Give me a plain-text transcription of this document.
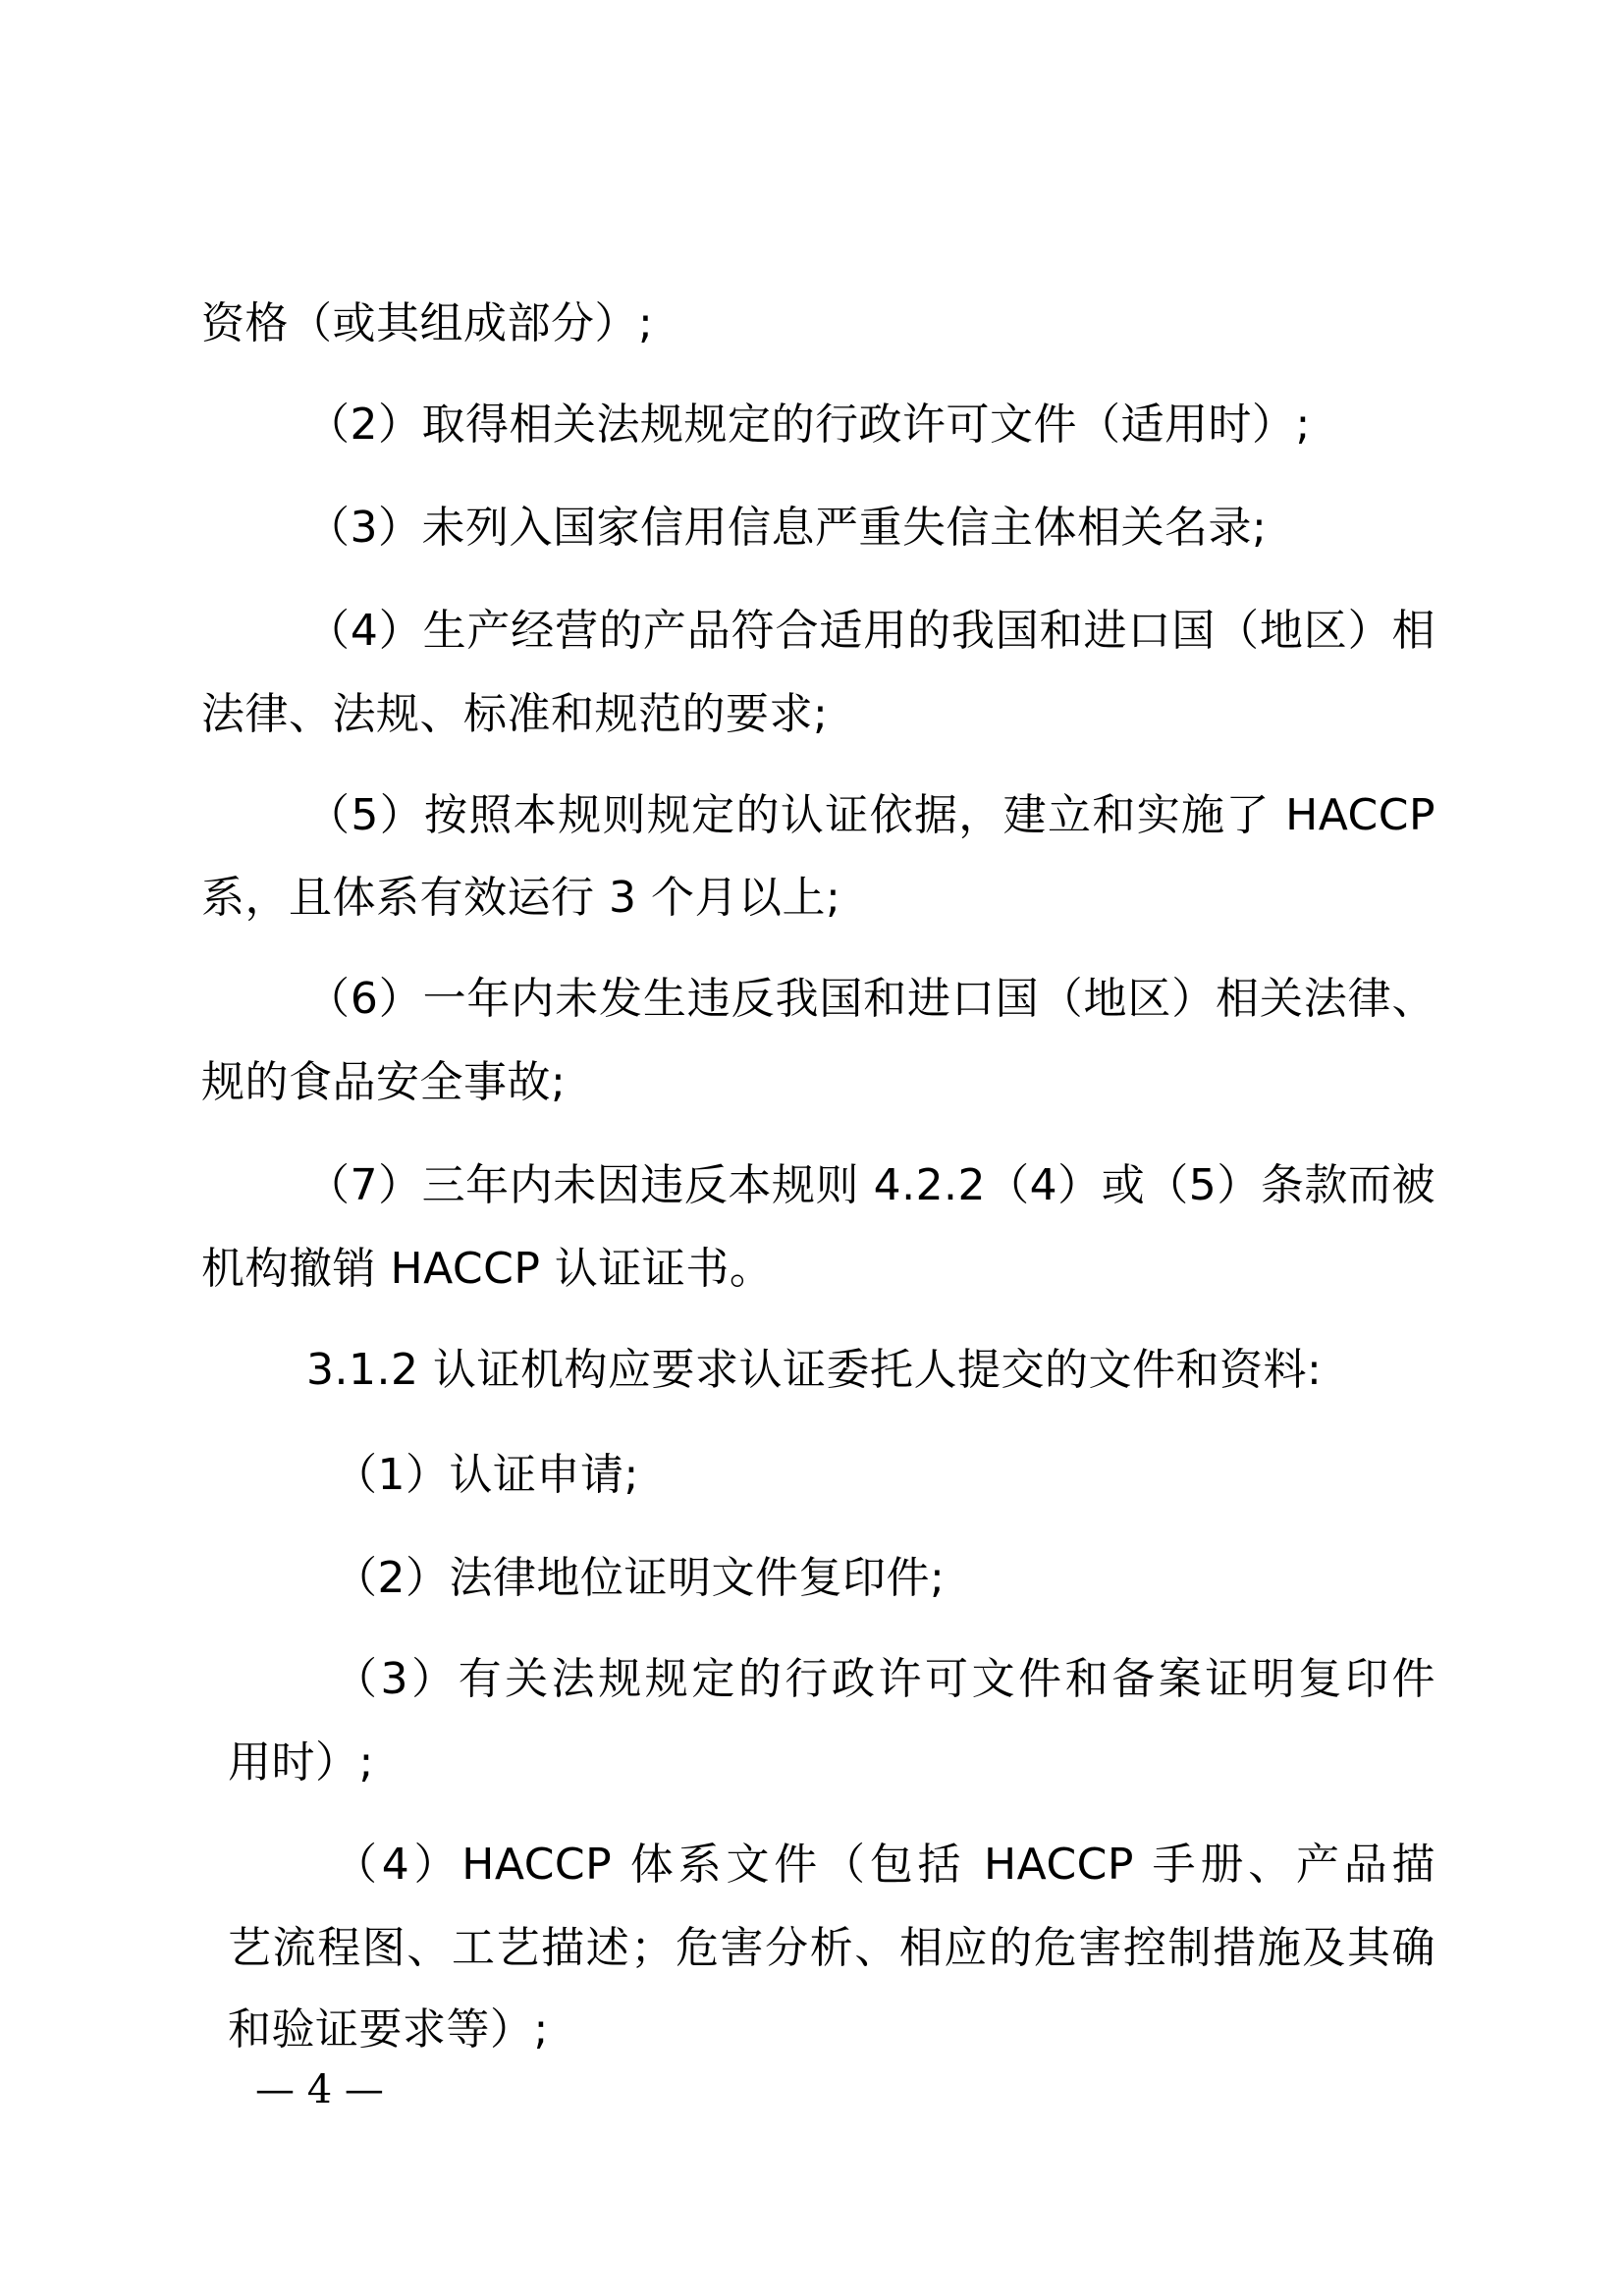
资格（或其组成部分）;
（2）取得相关法规规定的行政许可文件（适用时）;
（3）未列入国家信用信息严重失信主体相关名录;
（4）生产经营的产品符合适用的我国和进口国（地区）相
法律、法规、标准和规范的要求;
（5）按照本规则规定的认证依据，建立和实施了 HACCP
系，且体系有效运行 3 个月以上;
（6）一年内未发生违反我国和进口国（地区）相关法律、
规的食品安全事故;
（7）三年内未因违反本规则 4.2.2（4）或（5）条款而被
机构撤销 HACCP 认证证书。
3.1.2 认证机构应要求认证委托人提交的文件和资料:
（1）认证申请;
（2）法律地位证明文件复印件;
（3）有关法规规定的行政许可文件和备案证明复印件
用时）;
（4）HACCP 体系文件（包括 HACCP 手册、产品描
艺流程图、工艺描述；危害分析、相应的危害控制措施及其确
和验证要求等）;
— 4 —
